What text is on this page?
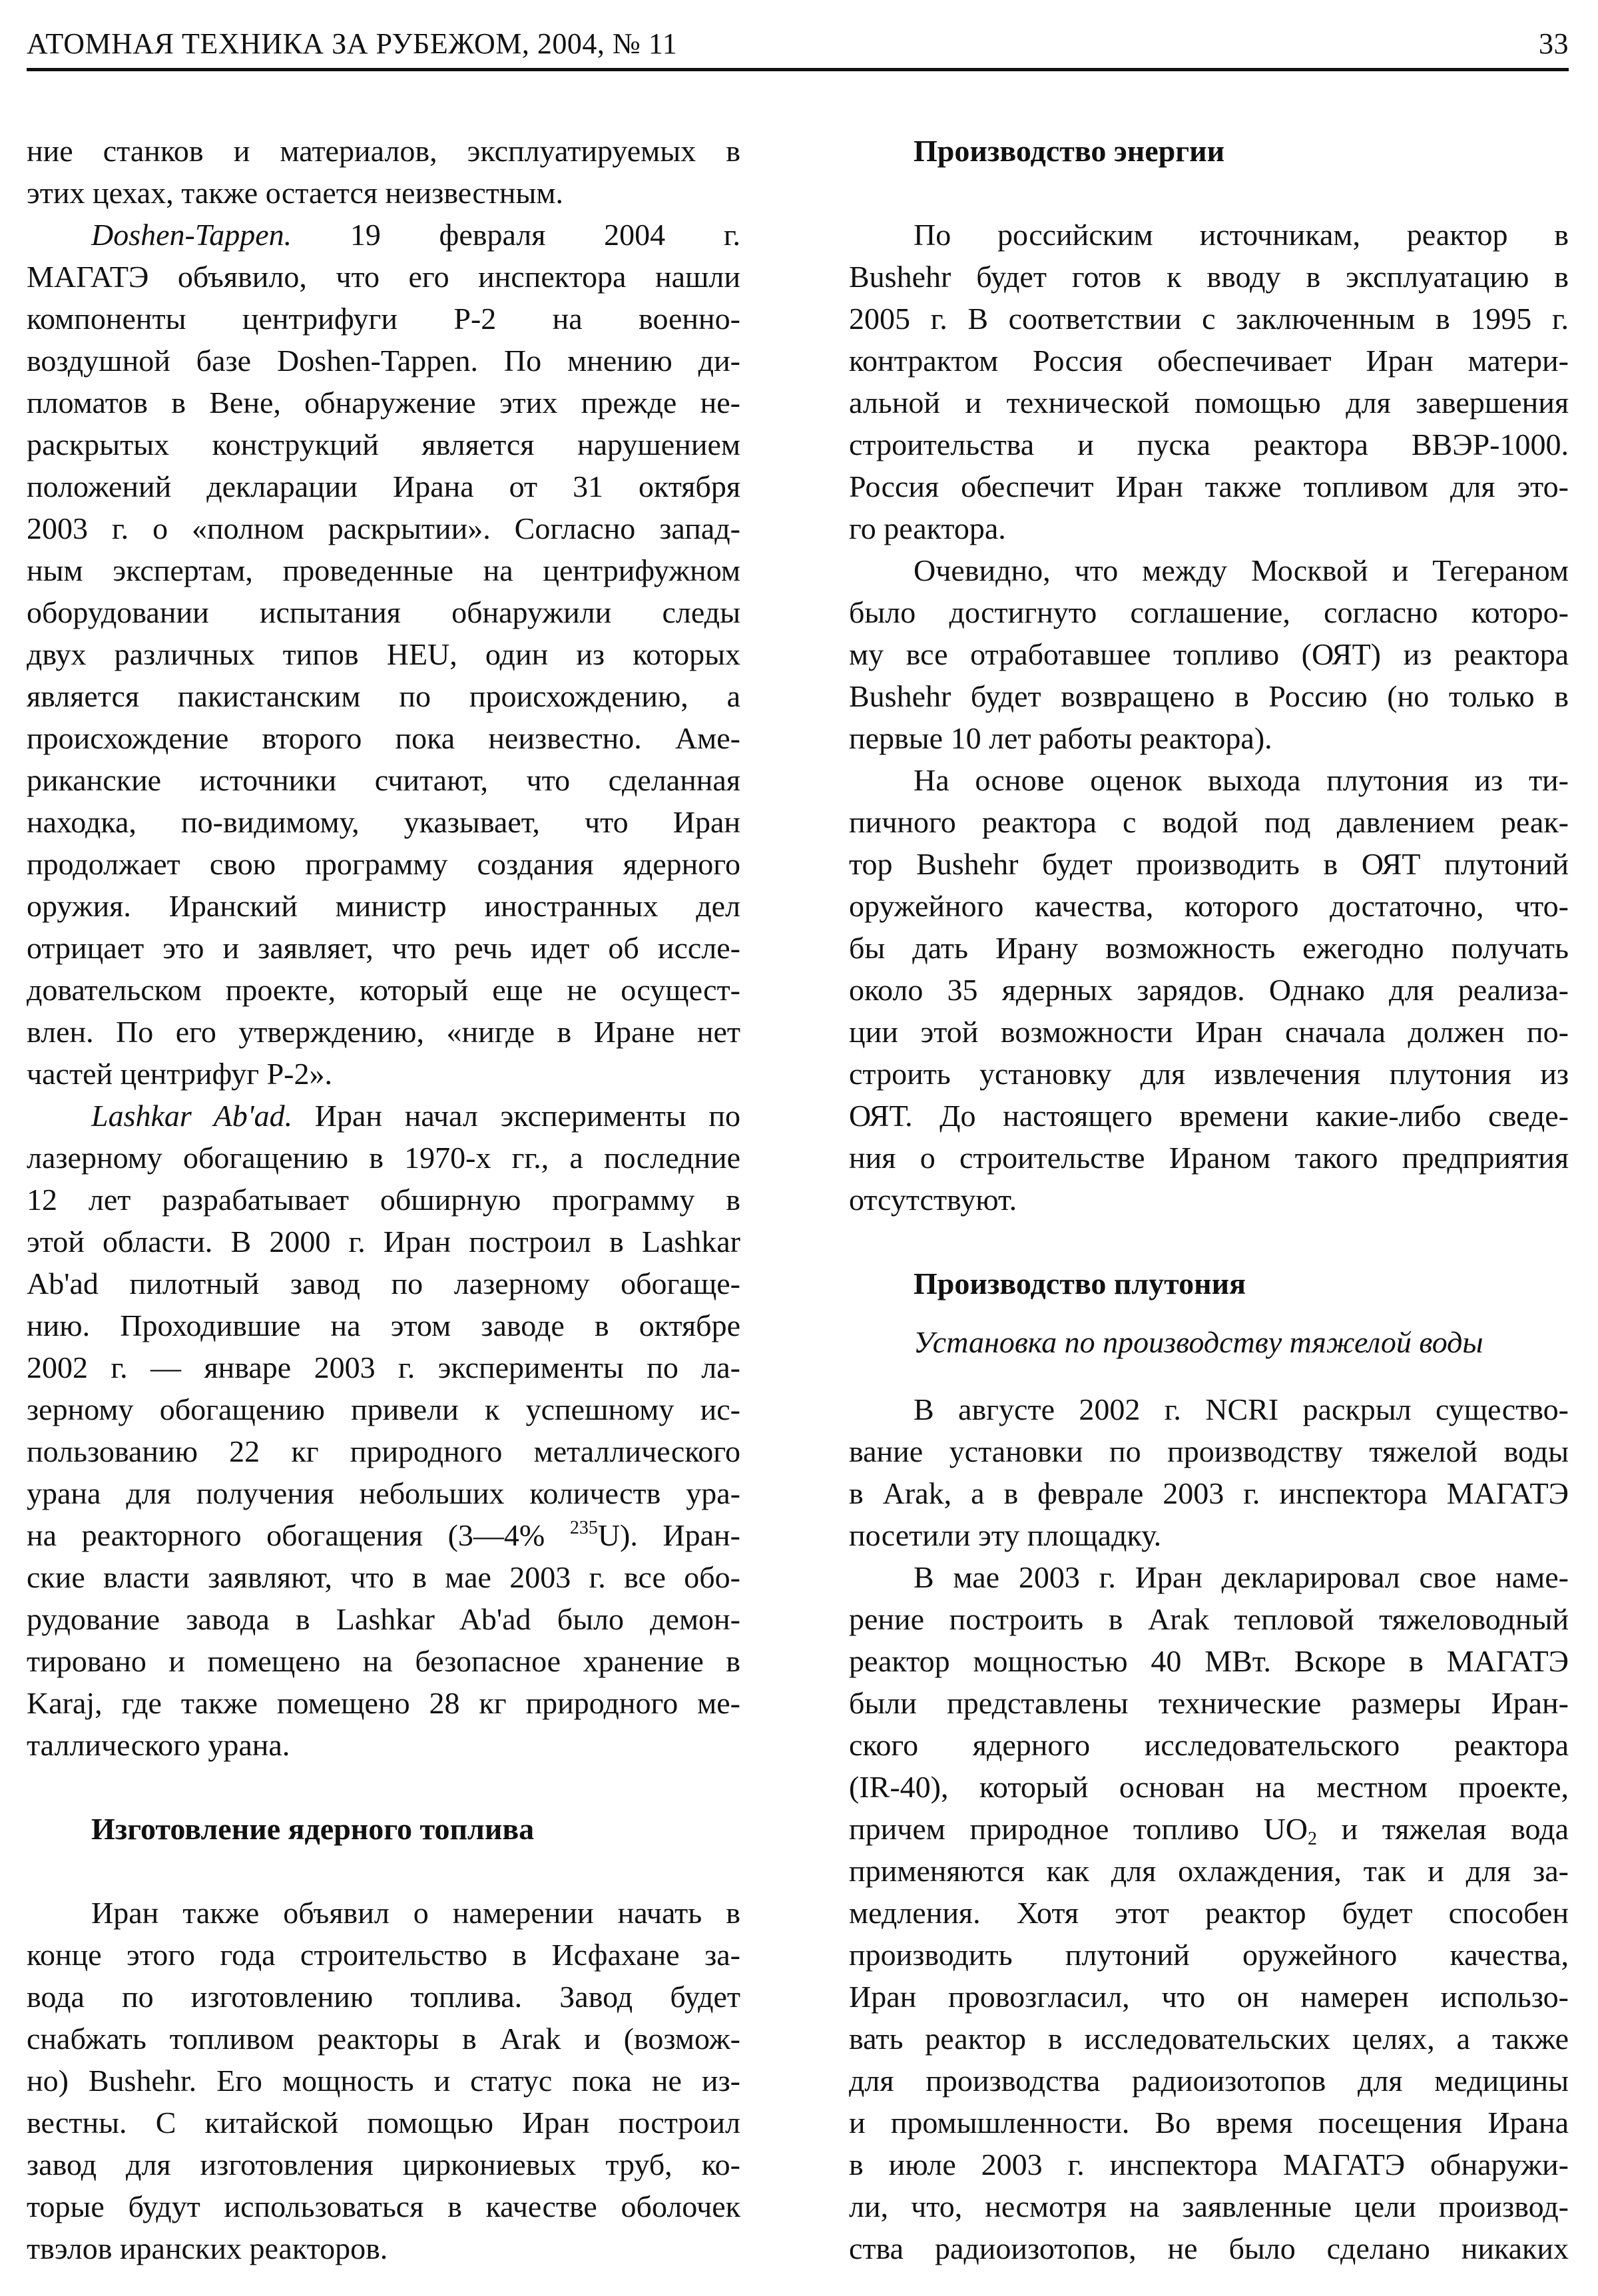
АТОМНАЯ ТЕХНИКА ЗА РУБЕЖОМ, 2004, № 11	33
ние станков и материалов, эксплуатируемых в
этих цехах, также остается неизвестным.
Doshen-Tappen. 19 февраля 2004 г.
МАГАТЭ объявило, что его инспектора нашли
компоненты центрифуги Р-2 на военно-
воздушной базе Doshen-Tappen. По мнению ди-
пломатов в Вене, обнаружение этих прежде не-
раскрытых конструкций является нарушением
положений декларации Ирана от 31 октября
2003 г. о «полном раскрытии». Согласно запад-
ным экспертам, проведенные на центрифужном
оборудовании испытания обнаружили следы
двух различных типов HEU, один из которых
является пакистанским по происхождению, а
происхождение второго пока неизвестно. Аме-
риканские источники считают, что сделанная
находка, по-видимому, указывает, что Иран
продолжает свою программу создания ядерного
оружия. Иранский министр иностранных дел
отрицает это и заявляет, что речь идет об иссле-
довательском проекте, который еще не осущест-
влен. По его утверждению, «нигде в Иране нет
частей центрифуг Р-2».
Lashkar Ab'ad. Иран начал эксперименты по
лазерному обогащению в 1970-х гг., а последние
12 лет разрабатывает обширную программу в
этой области. В 2000 г. Иран построил в Lashkar
Ab'ad пилотный завод по лазерному обогаще-
нию. Проходившие на этом заводе в октябре
2002 г. — январе 2003 г. эксперименты по ла-
зерному обогащению привели к успешному ис-
пользованию 22 кг природного металлического
урана для получения небольших количеств ура-
на реакторного обогащения (3—4% $^{235}$U). Иран-
ские власти заявляют, что в мае 2003 г. все обо-
рудование завода в Lashkar Ab'ad было демон-
тировано и помещено на безопасное хранение в
Karaj, где также помещено 28 кг природного ме-
таллического урана.
Изготовление ядерного топлива
Иран также объявил о намерении начать в
конце этого года строительство в Исфахане за-
вода по изготовлению топлива. Завод будет
снабжать топливом реакторы в Arak и (возмож-
но) Bushehr. Его мощность и статус пока не из-
вестны. С китайской помощью Иран построил
завод для изготовления циркониевых труб, ко-
торые будут использоваться в качестве оболочек
твэлов иранских реакторов.
Производство энергии
По российским источникам, реактор в
Bushehr будет готов к вводу в эксплуатацию в
2005 г. В соответствии с заключенным в 1995 г.
контрактом Россия обеспечивает Иран матери-
альной и технической помощью для завершения
строительства и пуска реактора ВВЭР-1000.
Россия обеспечит Иран также топливом для это-
го реактора.
Очевидно, что между Москвой и Тегераном
было достигнуто соглашение, согласно которо-
му все отработавшее топливо (ОЯТ) из реактора
Bushehr будет возвращено в Россию (но только в
первые 10 лет работы реактора).
На основе оценок выхода плутония из ти-
пичного реактора с водой под давлением реак-
тор Bushehr будет производить в ОЯТ плутоний
оружейного качества, которого достаточно, что-
бы дать Ирану возможность ежегодно получать
около 35 ядерных зарядов. Однако для реализа-
ции этой возможности Иран сначала должен по-
строить установку для извлечения плутония из
ОЯТ. До настоящего времени какие-либо сведе-
ния о строительстве Ираном такого предприятия
отсутствуют.
Производство плутония
Установка по производству тяжелой воды
В августе 2002 г. NCRI раскрыл существо-
вание установки по производству тяжелой воды
в Arak, а в феврале 2003 г. инспектора МАГАТЭ
посетили эту площадку.
В мае 2003 г. Иран декларировал свое наме-
рение построить в Arak тепловой тяжеловодный
реактор мощностью 40 МВт. Вскоре в МАГАТЭ
были представлены технические размеры Иран-
ского ядерного исследовательского реактора
(IR-40), который основан на местном проекте,
причем природное топливо $UO_2$ и тяжелая вода
применяются как для охлаждения, так и для за-
медления. Хотя этот реактор будет способен
производить плутоний оружейного качества,
Иран провозгласил, что он намерен использо-
вать реактор в исследовательских целях, а также
для производства радиоизотопов для медицины
и промышленности. Во время посещения Ирана
в июле 2003 г. инспектора МАГАТЭ обнаружи-
ли, что, несмотря на заявленные цели производ-
ства радиоизотопов, не было сделано никаких
